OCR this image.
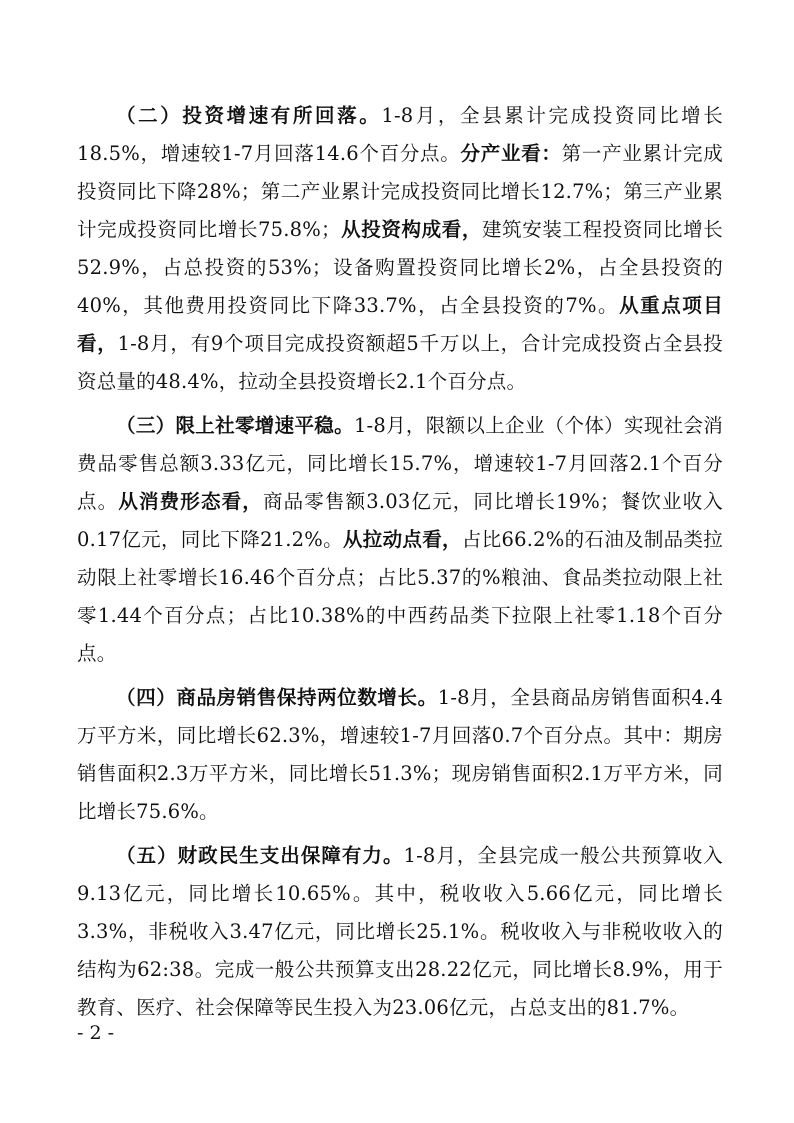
（二）投资增速有所回落。1-8月，全县累计完成投资同比增长18.5%，增速较1-7月回落14.6个百分点。分产业看：第一产业累计完成投资同比下降28%；第二产业累计完成投资同比增长12.7%；第三产业累计完成投资同比增长75.8%；从投资构成看，建筑安装工程投资同比增长52.9%，占总投资的53%；设备购置投资同比增长2%，占全县投资的40%，其他费用投资同比下降33.7%，占全县投资的7%。从重点项目看，1-8月，有9个项目完成投资额超5千万以上，合计完成投资占全县投资总量的48.4%，拉动全县投资增长2.1个百分点。

（三）限上社零增速平稳。1-8月，限额以上企业（个体）实现社会消费品零售总额3.33亿元，同比增长15.7%，增速较1-7月回落2.1个百分点。从消费形态看，商品零售额3.03亿元，同比增长19%；餐饮业收入0.17亿元，同比下降21.2%。从拉动点看，占比66.2%的石油及制品类拉动限上社零增长16.46个百分点；占比5.37的%粮油、食品类拉动限上社零1.44个百分点；占比10.38%的中西药品类下拉限上社零1.18个百分点。

（四）商品房销售保持两位数增长。1-8月，全县商品房销售面积4.4万平方米，同比增长62.3%，增速较1-7月回落0.7个百分点。其中：期房销售面积2.3万平方米，同比增长51.3%；现房销售面积2.1万平方米，同比增长75.6%。

（五）财政民生支出保障有力。1-8月，全县完成一般公共预算收入9.13亿元，同比增长10.65%。其中，税收收入5.66亿元，同比增长3.3%，非税收入3.47亿元，同比增长25.1%。税收收入与非税收收入的结构为62:38。完成一般公共预算支出28.22亿元，同比增长8.9%，用于教育、医疗、社会保障等民生投入为23.06亿元，占总支出的81.7%。

- 2 -
